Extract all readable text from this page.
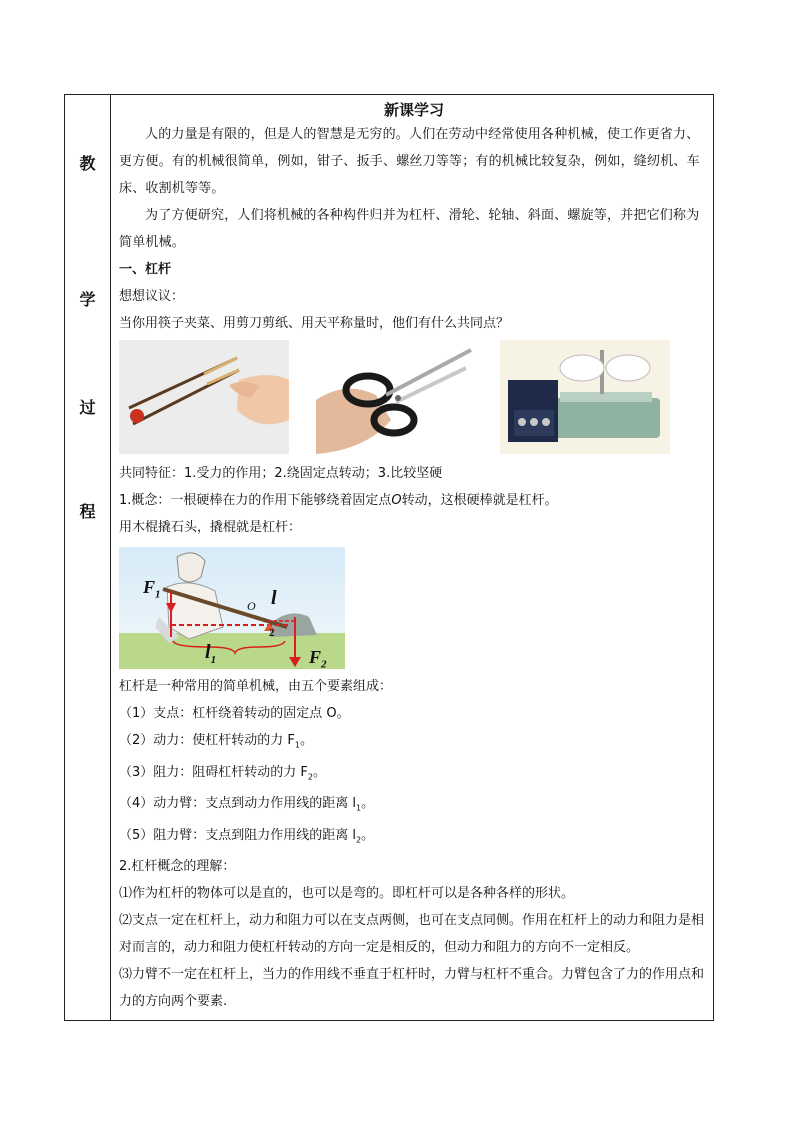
教
学
过
程
新课学习

人的力量是有限的，但是人的智慧是无穷的。人们在劳动中经常使用各种机械，使工作更省力、更方便。有的机械很简单，例如，钳子、扳手、螺丝刀等等；有的机械比较复杂，例如，缝纫机、车床、收割机等等。

为了方便研究，人们将机械的各种构件归并为杠杆、滑轮、轮轴、斜面、螺旋等，并把它们称为简单机械。

一、杠杆

想想议议：

当你用筷子夹菜、用剪刀剪纸、用天平称量时，他们有什么共同点？

共同特征：1.受力的作用；2.绕固定点转动；3.比较坚硬

1.概念：一根硬棒在力的作用下能够绕着固定点O转动，这根硬棒就是杠杆。

用木棍撬石头，撬棍就是杠杆：

$F_1$
O l
2
$l_1$	$F_2$

杠杆是一种常用的简单机械，由五个要素组成：

（1）支点：杠杆绕着转动的固定点 O。

（2）动力：使杠杆转动的力 $F_1$。

（3）阻力：阻碍杠杆转动的力 $F_2$。

（4）动力臂：支点到动力作用线的距离 $l_1$。

（5）阻力臂：支点到阻力作用线的距离 $l_2$。

2.杠杆概念的理解：

⑴作为杠杆的物体可以是直的，也可以是弯的。即杠杆可以是各种各样的形状。

⑵支点一定在杠杆上，动力和阻力可以在支点两侧，也可在支点同侧。作用在杠杆上的动力和阻力是相对而言的，动力和阻力使杠杆转动的方向一定是相反的，但动力和阻力的方向不一定相反。

⑶力臂不一定在杠杆上，当力的作用线不垂直于杠杆时，力臂与杠杆不重合。力臂包含了力的作用点和力的方向两个要素.
